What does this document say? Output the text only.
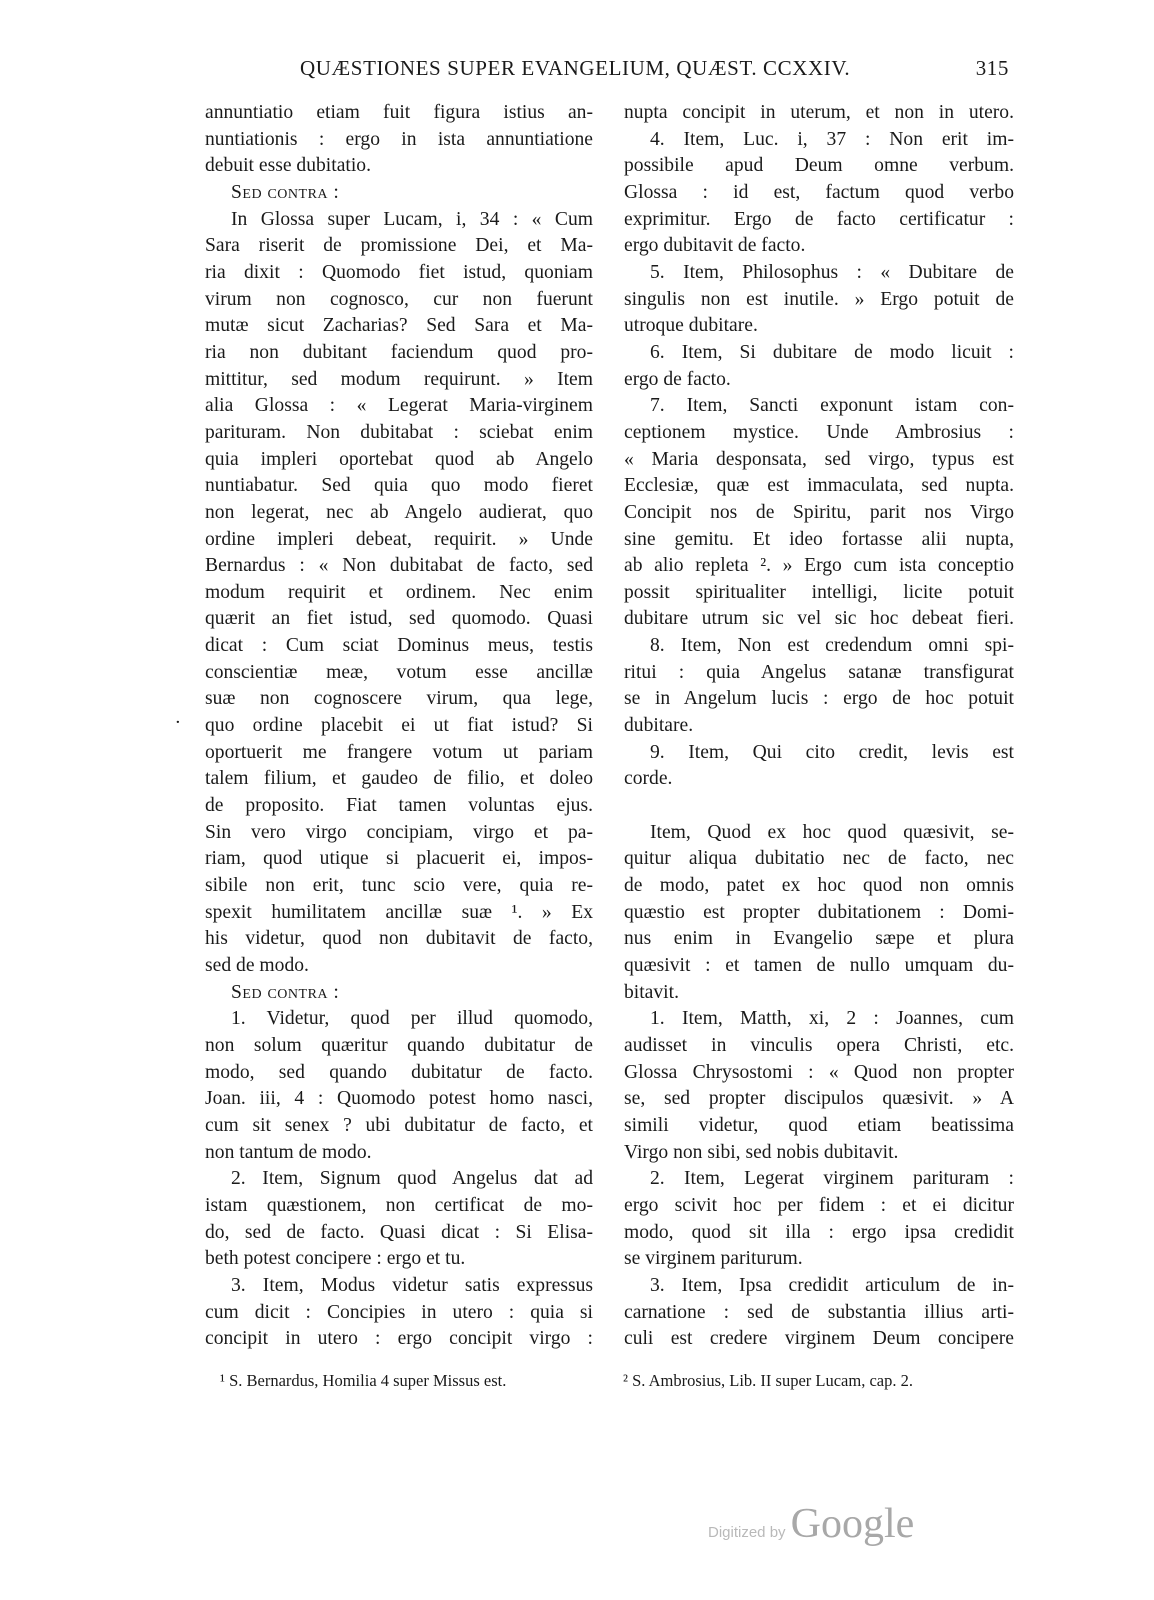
QUÆSTIONES SUPER EVANGELIUM, QUÆST. CCXXIV.	315
·
annuntiatio etiam fuit figura istius an-
nuntiationis : ergo in ista annuntiatione
debuit esse dubitatio.
Sed contra :
In Glossa super Lucam, i, 34 : « Cum
Sara riserit de promissione Dei, et Ma-
ria dixit : Quomodo fiet istud, quoniam
virum non cognosco, cur non fuerunt
mutæ sicut Zacharias? Sed Sara et Ma-
ria non dubitant faciendum quod pro-
mittitur, sed modum requirunt. » Item
alia Glossa : « Legerat Maria-virginem
parituram. Non dubitabat : sciebat enim
quia impleri oportebat quod ab Angelo
nuntiabatur. Sed quia quo modo fieret
non legerat, nec ab Angelo audierat, quo
ordine impleri debeat, requirit. » Unde
Bernardus : « Non dubitabat de facto, sed
modum requirit et ordinem. Nec enim
quærit an fiet istud, sed quomodo. Quasi
dicat : Cum sciat Dominus meus, testis
conscientiæ meæ, votum esse ancillæ
suæ non cognoscere virum, qua lege,
quo ordine placebit ei ut fiat istud? Si
oportuerit me frangere votum ut pariam
talem filium, et gaudeo de filio, et doleo
de proposito. Fiat tamen voluntas ejus.
Sin vero virgo concipiam, virgo et pa-
riam, quod utique si placuerit ei, impos-
sibile non erit, tunc scio vere, quia re-
spexit humilitatem ancillæ suæ ¹. » Ex
his videtur, quod non dubitavit de facto,
sed de modo.
Sed contra :
1. Videtur, quod per illud quomodo,
non solum quæritur quando dubitatur de
modo, sed quando dubitatur de facto.
Joan. iii, 4 : Quomodo potest homo nasci,
cum sit senex ? ubi dubitatur de facto, et
non tantum de modo.
2. Item, Signum quod Angelus dat ad
istam quæstionem, non certificat de mo-
do, sed de facto. Quasi dicat : Si Elisa-
beth potest concipere : ergo et tu.
3. Item, Modus videtur satis expressus
cum dicit : Concipies in utero : quia si
concipit in utero : ergo concipit virgo :
nupta concipit in uterum, et non in utero.
4. Item, Luc. i, 37 : Non erit im-
possibile apud Deum omne verbum.
Glossa : id est, factum quod verbo
exprimitur. Ergo de facto certificatur :
ergo dubitavit de facto.
5. Item, Philosophus : « Dubitare de
singulis non est inutile. » Ergo potuit de
utroque dubitare.
6. Item, Si dubitare de modo licuit :
ergo de facto.
7. Item, Sancti exponunt istam con-
ceptionem mystice. Unde Ambrosius :
« Maria desponsata, sed virgo, typus est
Ecclesiæ, quæ est immaculata, sed nupta.
Concipit nos de Spiritu, parit nos Virgo
sine gemitu. Et ideo fortasse alii nupta,
ab alio repleta ². » Ergo cum ista conceptio
possit spiritualiter intelligi, licite potuit
dubitare utrum sic vel sic hoc debeat fieri.
8. Item, Non est credendum omni spi-
ritui : quia Angelus satanæ transfigurat
se in Angelum lucis : ergo de hoc potuit
dubitare.
9. Item, Qui cito credit, levis est
corde.
Item, Quod ex hoc quod quæsivit, se-
quitur aliqua dubitatio nec de facto, nec
de modo, patet ex hoc quod non omnis
quæstio est propter dubitationem : Domi-
nus enim in Evangelio sæpe et plura
quæsivit : et tamen de nullo umquam du-
bitavit.
1. Item, Matth, xi, 2 : Joannes, cum
audisset in vinculis opera Christi, etc.
Glossa Chrysostomi : « Quod non propter
se, sed propter discipulos quæsivit. » A
simili videtur, quod etiam beatissima
Virgo non sibi, sed nobis dubitavit.
2. Item, Legerat virginem parituram :
ergo scivit hoc per fidem : et ei dicitur
modo, quod sit illa : ergo ipsa credidit
se virginem pariturum.
3. Item, Ipsa credidit articulum de in-
carnatione : sed de substantia illius arti-
culi est credere virginem Deum concipere
¹ S. Bernardus, Homilia 4 super Missus est.	² S. Ambrosius, Lib. II super Lucam, cap. 2.
Digitized by Google
